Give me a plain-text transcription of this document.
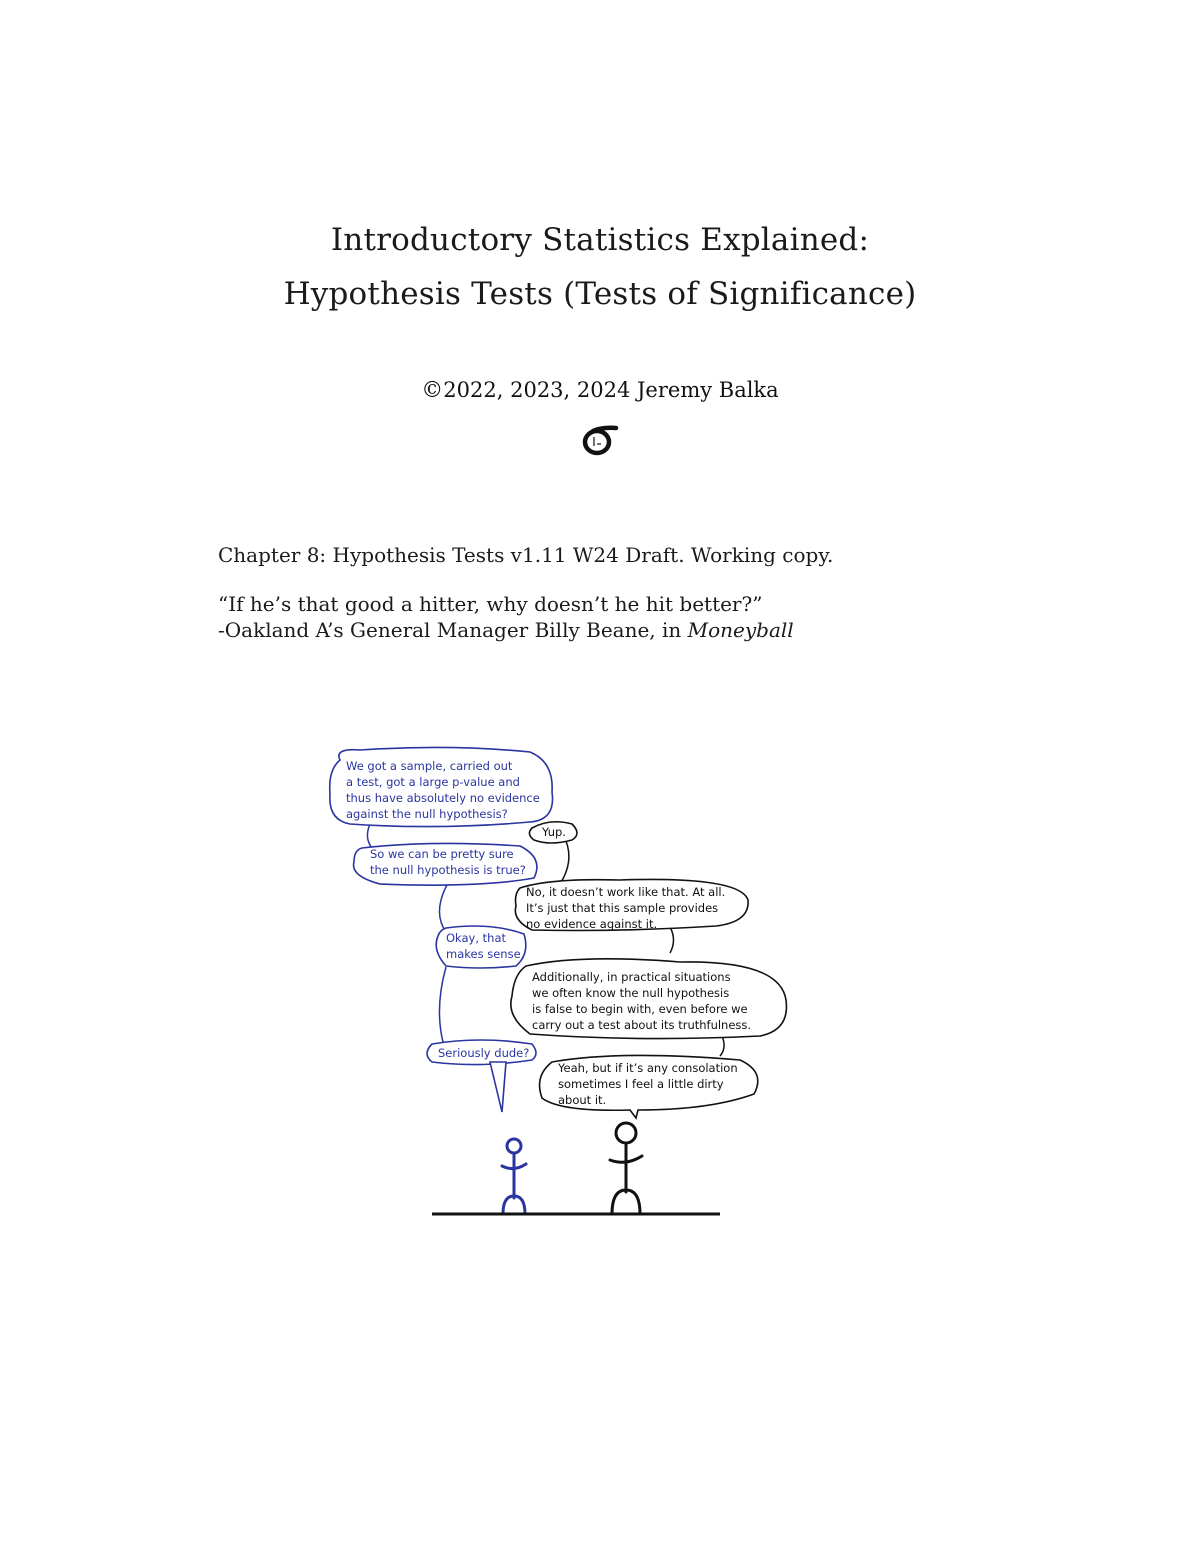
Introductory Statistics Explained:
Hypothesis Tests (Tests of Significance)
©2022, 2023, 2024 Jeremy Balka
Chapter 8: Hypothesis Tests v1.11 W24 Draft. Working copy.
“If he’s that good a hitter, why doesn’t he hit better?”
-Oakland A’s General Manager Billy Beane, in Moneyball
We got a sample, carried out
a test, got a large p-value and
thus have absolutely no evidence
against the null hypothesis?
So we can be pretty sure
the null hypothesis is true?
Okay, that
makes sense.
Seriously dude?
Yup.
No, it doesn’t work like that. At all.
It’s just that this sample provides
no evidence against it.
Additionally, in practical situations
we often know the null hypothesis
is false to begin with, even before we
carry out a test about its truthfulness.
Yeah, but if it’s any consolation
sometimes I feel a little dirty
about it.
